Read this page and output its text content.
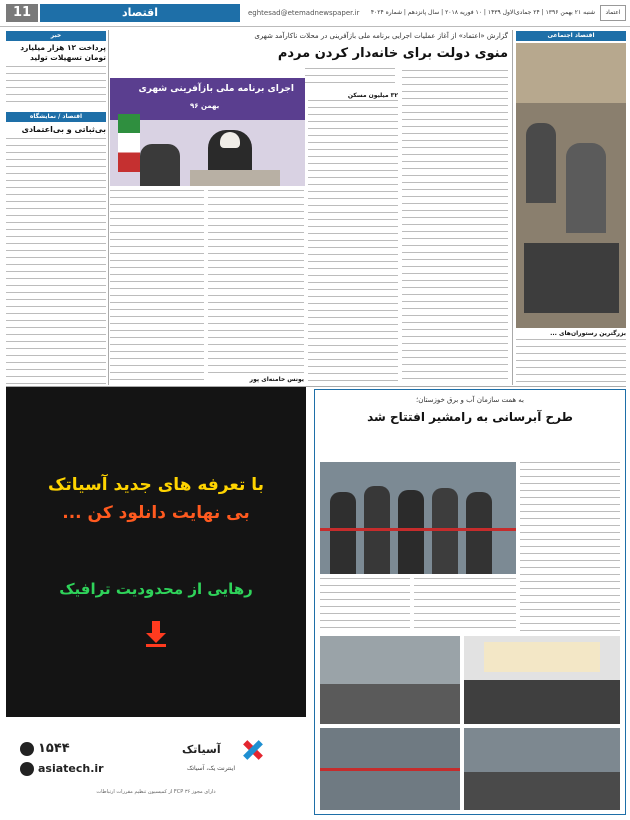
11	اقتصاد	eghtesad@etemadnewspaper.ir	شنبه ۲۱ بهمن ۱۳۹۶ | ۲۴ جمادی‌الاول ۱۴۳۹ | ۱۰ فوریه ۲۰۱۸ | سال پانزدهم | شماره ۴۰۲۴	اعتماد
خبر
پرداخت ۱۲ هزار میلیارد تومان تسهیلات تولید
اقتصاد / نمایشگاه
بی‌ثباتی و بی‌اعتمادی
گزارش «اعتماد» از آغاز عملیات اجرایی برنامه ملی بازآفرینی در محلات ناکارآمد شهری
منوی دولت برای خانه‌دار کردن مردم
اجرای برنامه ملی بازآفرینی شهری
بهمن ۹۶
۳۲ میلیون مسکن
یونس خامنه‌ای پور
اقتصاد اجتماعی
بزرگترین رستوران‌های ...
با تعرفه های جدید آسیاتک
بی نهایت دانلود کن ...
رهایی از محدودیت ترافیک
۱۵۴۴
asiatech.ir
آسیاتک
اینترنت یک، آسیاتک
دارای مجوز FCP ۳۶ از کمیسیون تنظیم مقررات ارتباطات
به همت سازمان آب و برق خوزستان؛
طرح آبرسانی به رامشیر افتتاح شد
